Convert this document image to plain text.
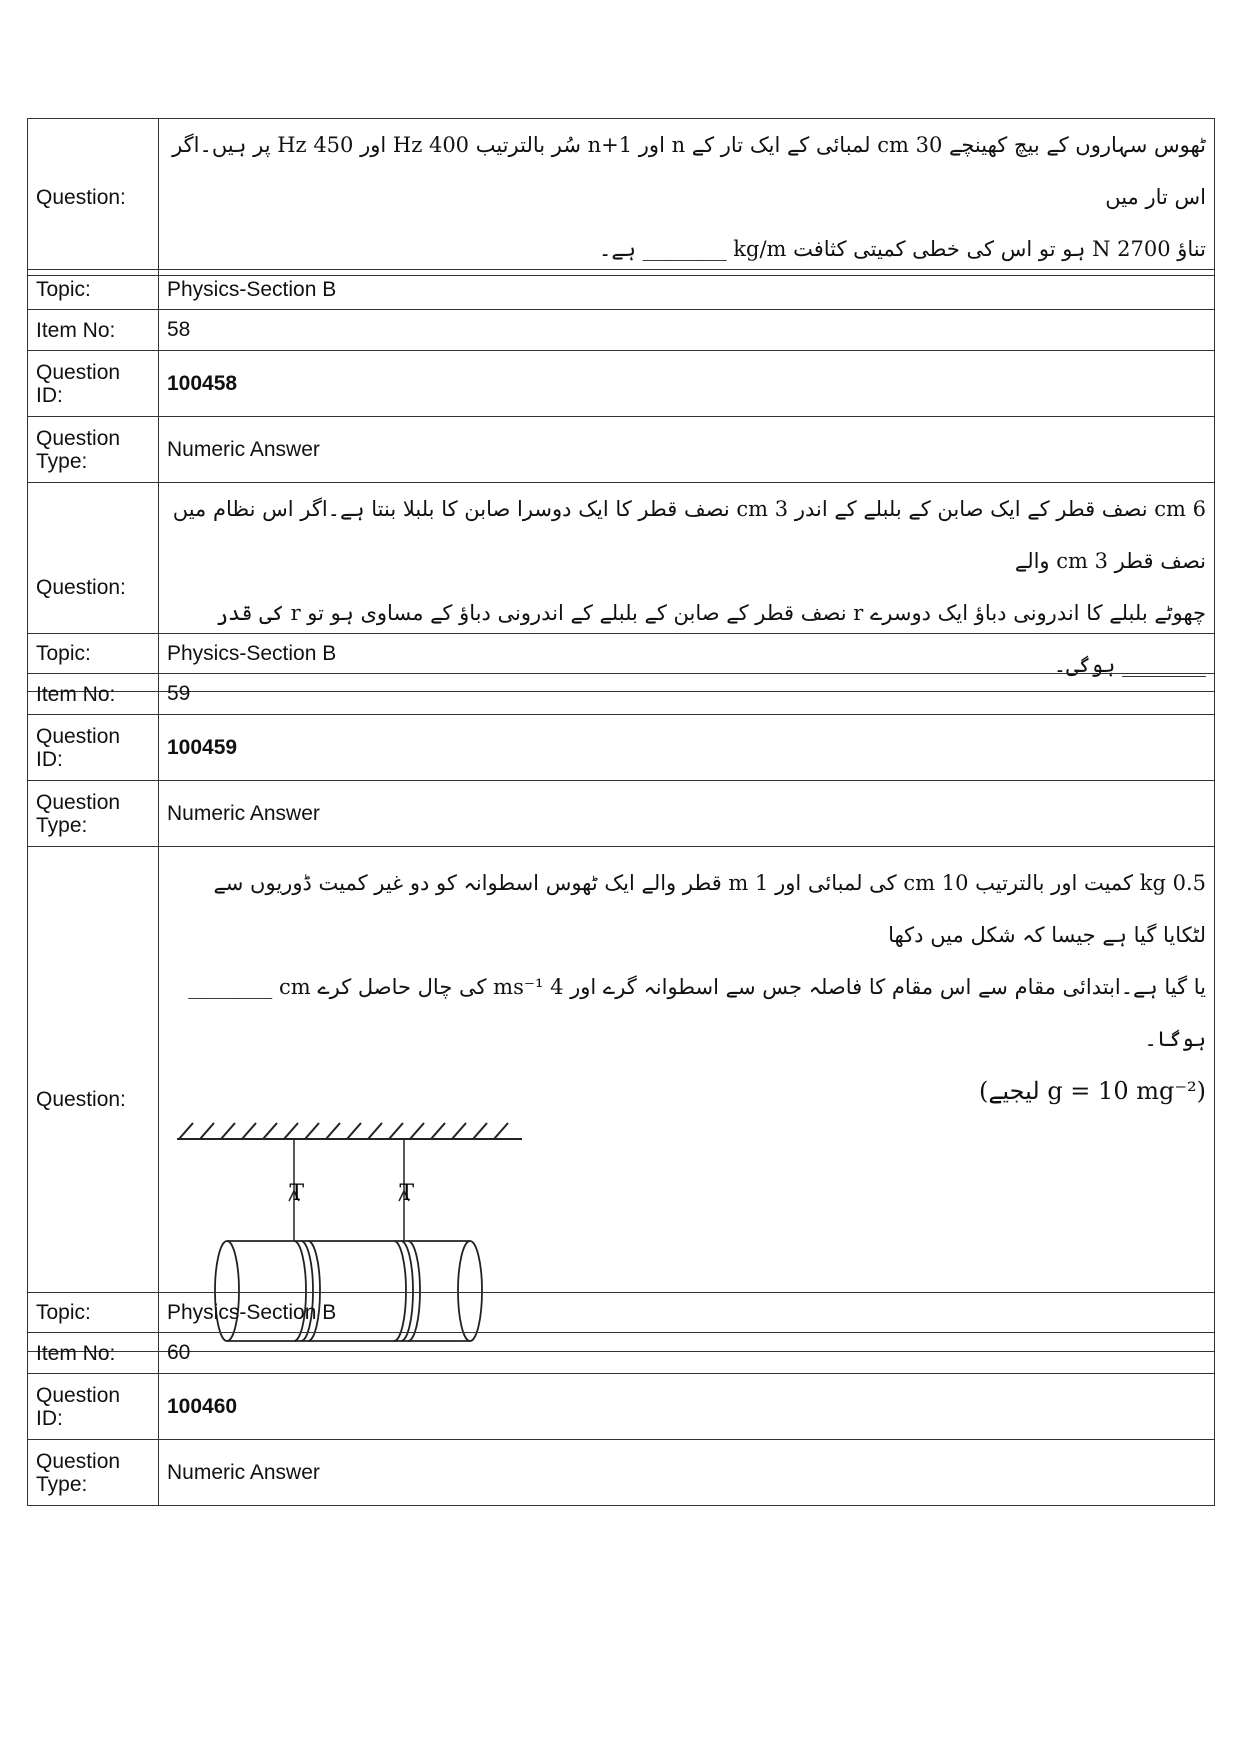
Question:	

ٹھوس سہاروں کے بیچ کھینچے 30 cm لمبائی کے ایک تار کے n اور n+1 سُر بالترتیب 400 Hz اور 450 Hz پر ہیں۔اگر اس تار میں

تناؤ 2700 N ہو تو اس کی خطی کمیتی کثافت kg/m ________ ہے۔

Topic:	Physics-Section B
Item No:	58
Question ID:	100458
Question Type:	Numeric Answer
Question:	6 cm نصف قطر کے ایک صابن کے بلبلے کے اندر 3 cm نصف قطر کا ایک دوسرا صابن کا بلبلا بنتا ہے۔اگر اس نظام میں نصف قطر 3 cm والے

چھوٹے بلبلے کا اندرونی دباؤ ایک دوسرے r نصف قطر کے صابن کے بلبلے کے اندرونی دباؤ کے مساوی ہو تو r کی قدر ________ ہوگی۔

Topic:	Physics-Section B
Item No:	59
Question ID:	100459
Question Type:	Numeric Answer
Question:	0.5 kg کمیت اور بالترتیب 10 cm کی لمبائی اور 1 m قطر والے ایک ٹھوس اسطوانہ کو دو غیر کمیت ڈوریوں سے لٹکایا گیا ہے جیسا کہ شکل میں دکھا

یا گیا ہے۔ابتدائی مقام سے اس مقام کا فاصلہ جس سے اسطوانہ گرے اور 4 ms⁻¹ کی چال حاصل کرے cm ________ ہوگا۔

(لیجیے g = 10 mg⁻²)

T T
Topic:	Physics-Section B
Item No:	60
Question ID:	100460
Question Type:	Numeric Answer
